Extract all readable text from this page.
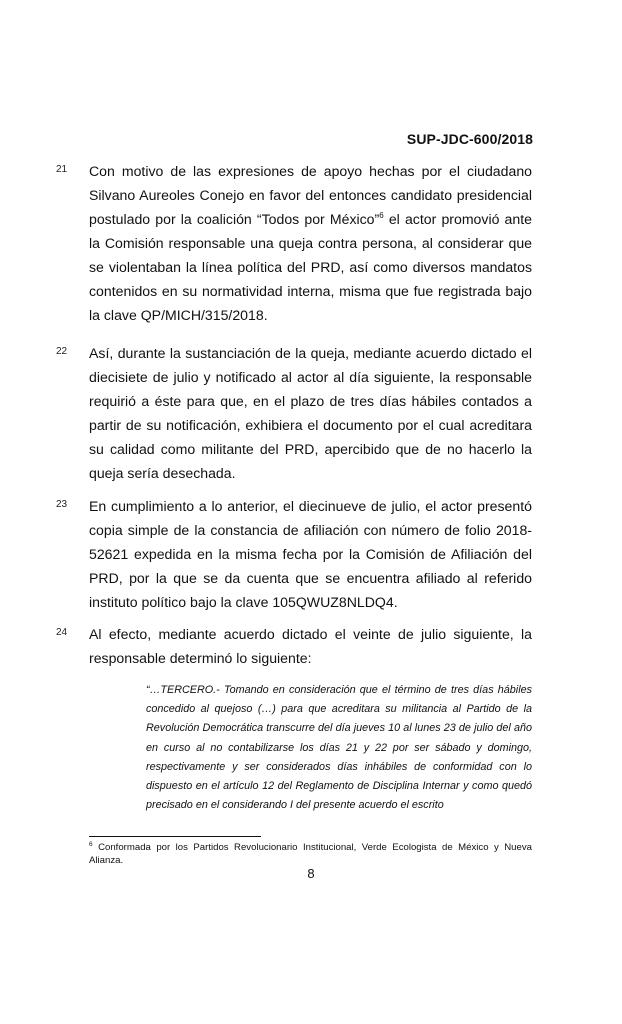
SUP-JDC-600/2018
21 Con motivo de las expresiones de apoyo hechas por el ciudadano Silvano Aureoles Conejo en favor del entonces candidato presidencial postulado por la coalición “Todos por México”$^6$ el actor promovió ante la Comisión responsable una queja contra persona, al considerar que se violentaban la línea política del PRD, así como diversos mandatos contenidos en su normatividad interna, misma que fue registrada bajo la clave QP/MICH/315/2018.
22 Así, durante la sustanciación de la queja, mediante acuerdo dictado el diecisiete de julio y notificado al actor al día siguiente, la responsable requirió a éste para que, en el plazo de tres días hábiles contados a partir de su notificación, exhibiera el documento por el cual acreditara su calidad como militante del PRD, apercibido que de no hacerlo la queja sería desechada.
23 En cumplimiento a lo anterior, el diecinueve de julio, el actor presentó copia simple de la constancia de afiliación con número de folio 2018-52621 expedida en la misma fecha por la Comisión de Afiliación del PRD, por la que se da cuenta que se encuentra afiliado al referido instituto político bajo la clave 105QWUZ8NLDQ4.
24 Al efecto, mediante acuerdo dictado el veinte de julio siguiente, la responsable determinó lo siguiente:
“…TERCERO.- Tomando en consideración que el término de tres días hábiles concedido al quejoso (…) para que acreditara su militancia al Partido de la Revolución Democrática transcurre del día jueves 10 al lunes 23 de julio del año en curso al no contabilizarse los días 21 y 22 por ser sábado y domingo, respectivamente y ser considerados días inhábiles de conformidad con lo dispuesto en el artículo 12 del Reglamento de Disciplina Internar y como quedó precisado en el considerando I del presente acuerdo el escrito
$^6$ Conformada por los Partidos Revolucionario Institucional, Verde Ecologista de México y Nueva Alianza.
8
